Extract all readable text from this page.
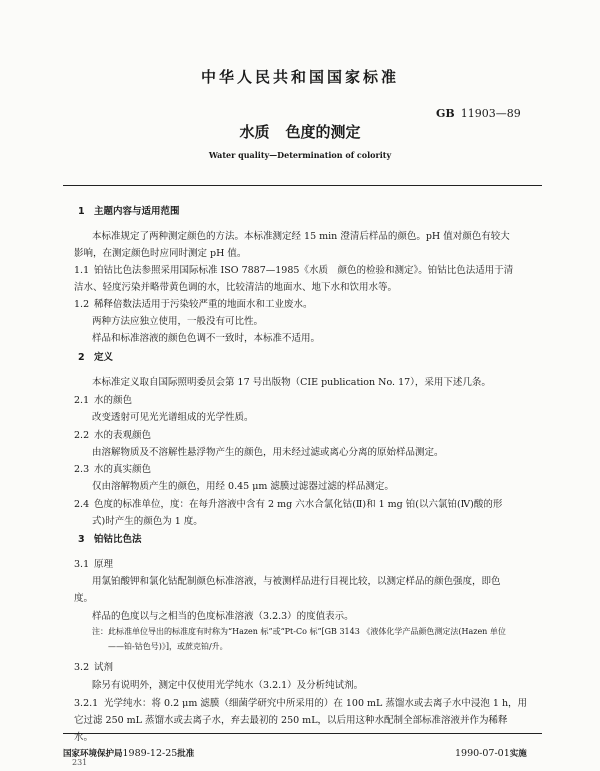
中华人民共和国国家标准
GB 11903—89
水质 色度的测定
Water quality—Determination of colority
1 主题内容与适用范围
本标准规定了两种测定颜色的方法。本标准测定经 15 min 澄清后样品的颜色。pH 值对颜色有较大
影响，在测定颜色时应同时测定 pH 值。
1.1 铂钴比色法参照采用国际标准 ISO 7887—1985《水质　颜色的检验和测定》。铂钴比色法适用于清
洁水、轻度污染并略带黄色调的水，比较清洁的地面水、地下水和饮用水等。
1.2 稀释倍数法适用于污染较严重的地面水和工业废水。
两种方法应独立使用，一般没有可比性。
样品和标准溶液的颜色色调不一致时，本标准不适用。
2 定义
本标准定义取自国际照明委员会第 17 号出版物（CIE publication No. 17），采用下述几条。
2.1 水的颜色
改变透射可见光光谱组成的光学性质。
2.2 水的表观颜色
由溶解物质及不溶解性悬浮物产生的颜色，用未经过滤或离心分离的原始样品测定。
2.3 水的真实颜色
仅由溶解物质产生的颜色，用经 0.45 μm 滤膜过滤器过滤的样品测定。
2.4 色度的标准单位，度：在每升溶液中含有 2 mg 六水合氯化钴(Ⅱ)和 1 mg 铂(以六氯铂(Ⅳ)酸的形
式)时产生的颜色为 1 度。
3 铂钴比色法
3.1 原理
用氯铂酸钾和氯化钴配制颜色标准溶液，与被测样品进行目视比较，以测定样品的颜色强度，即色
度。
样品的色度以与之相当的色度标准溶液（3.2.3）的度值表示。
注：此标准单位导出的标准度有时称为“Hazen 标”或“Pt-Co 标”[GB 3143 《液体化学产品颜色测定法(Hazen 单位
——铂-钴色号)》]，或蔗克铂/升。
3.2 试剂
除另有说明外，测定中仅使用光学纯水（3.2.1）及分析纯试剂。
3.2.1 光学纯水：将 0.2 μm 滤膜（细菌学研究中所采用的）在 100 mL 蒸馏水或去离子水中浸泡 1 h，用
它过滤 250 mL 蒸馏水或去离子水，弃去最初的 250 mL，以后用这种水配制全部标准溶液并作为稀释
水。
国家环境保护局1989-12-25批准	1990-07-01实施
231
